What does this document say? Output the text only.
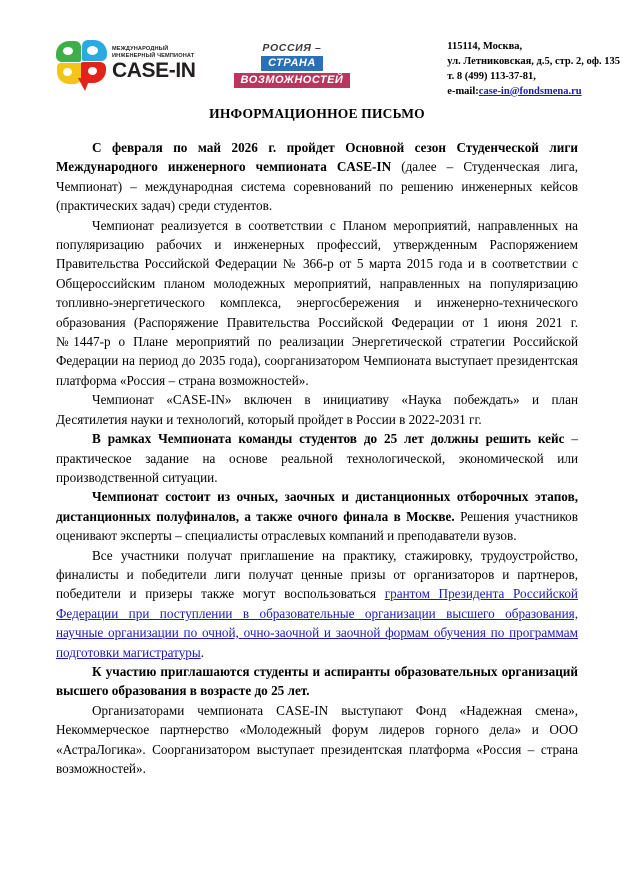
МЕЖДУНАРОДНЫЙ
ИНЖЕНЕРНЫЙ ЧЕМПИОНАТ
CASE-IN
РОССИЯ –
СТРАНА
ВОЗМОЖНОСТЕЙ
115114, Москва,
ул. Летниковская, д.5, стр. 2, оф. 135
т. 8 (499) 113-37-81,
e-mail:case-in@fondsmena.ru
ИНФОРМАЦИОННОЕ ПИСЬМО

С февраля по май 2026 г. пройдет Основной сезон Студенческой лиги Международного инженерного чемпионата CASE-IN (далее – Студенческая лига, Чемпионат) – международная система соревнований по решению инженерных кейсов (практических задач) среди студентов.

Чемпионат реализуется в соответствии с Планом мероприятий, направленных на популяризацию рабочих и инженерных профессий, утвержденным Распоряжением Правительства Российской Федерации № 366-р от 5 марта 2015 года и в соответствии с Общероссийским планом молодежных мероприятий, направленных на популяризацию топливно-энергетического комплекса, энергосбережения и инженерно-технического образования (Распоряжение Правительства Российской Федерации от 1 июня 2021 г. №1447-р о Плане мероприятий по реализации Энергетической стратегии Российской Федерации на период до 2035 года), соорганизатором Чемпионата выступает президентская платформа «Россия – страна возможностей».

Чемпионат «CASE-IN» включен в инициативу «Наука побеждать» и план Десятилетия науки и технологий, который пройдет в России в 2022-2031 гг.

В рамках Чемпионата команды студентов до 25 лет должны решить кейс – практическое задание на основе реальной технологической, экономической или производственной ситуации.

Чемпионат состоит из очных, заочных и дистанционных отборочных этапов, дистанционных полуфиналов, а также очного финала в Москве. Решения участников оценивают эксперты – специалисты отраслевых компаний и преподаватели вузов.

Все участники получат приглашение на практику, стажировку, трудоустройство, финалисты и победители лиги получат ценные призы от организаторов и партнеров, победители и призеры также могут воспользоваться грантом Президента Российской Федерации при поступлении в образовательные организации высшего образования, научные организации по очной, очно-заочной и заочной формам обучения по программам подготовки магистратуры.

К участию приглашаются студенты и аспиранты образовательных организаций высшего образования в возрасте до 25 лет.

Организаторами чемпионата CASE-IN выступают Фонд «Надежная смена», Некоммерческое партнерство «Молодежный форум лидеров горного дела» и ООО «АстраЛогика». Соорганизатором выступает президентская платформа «Россия – страна возможностей».
